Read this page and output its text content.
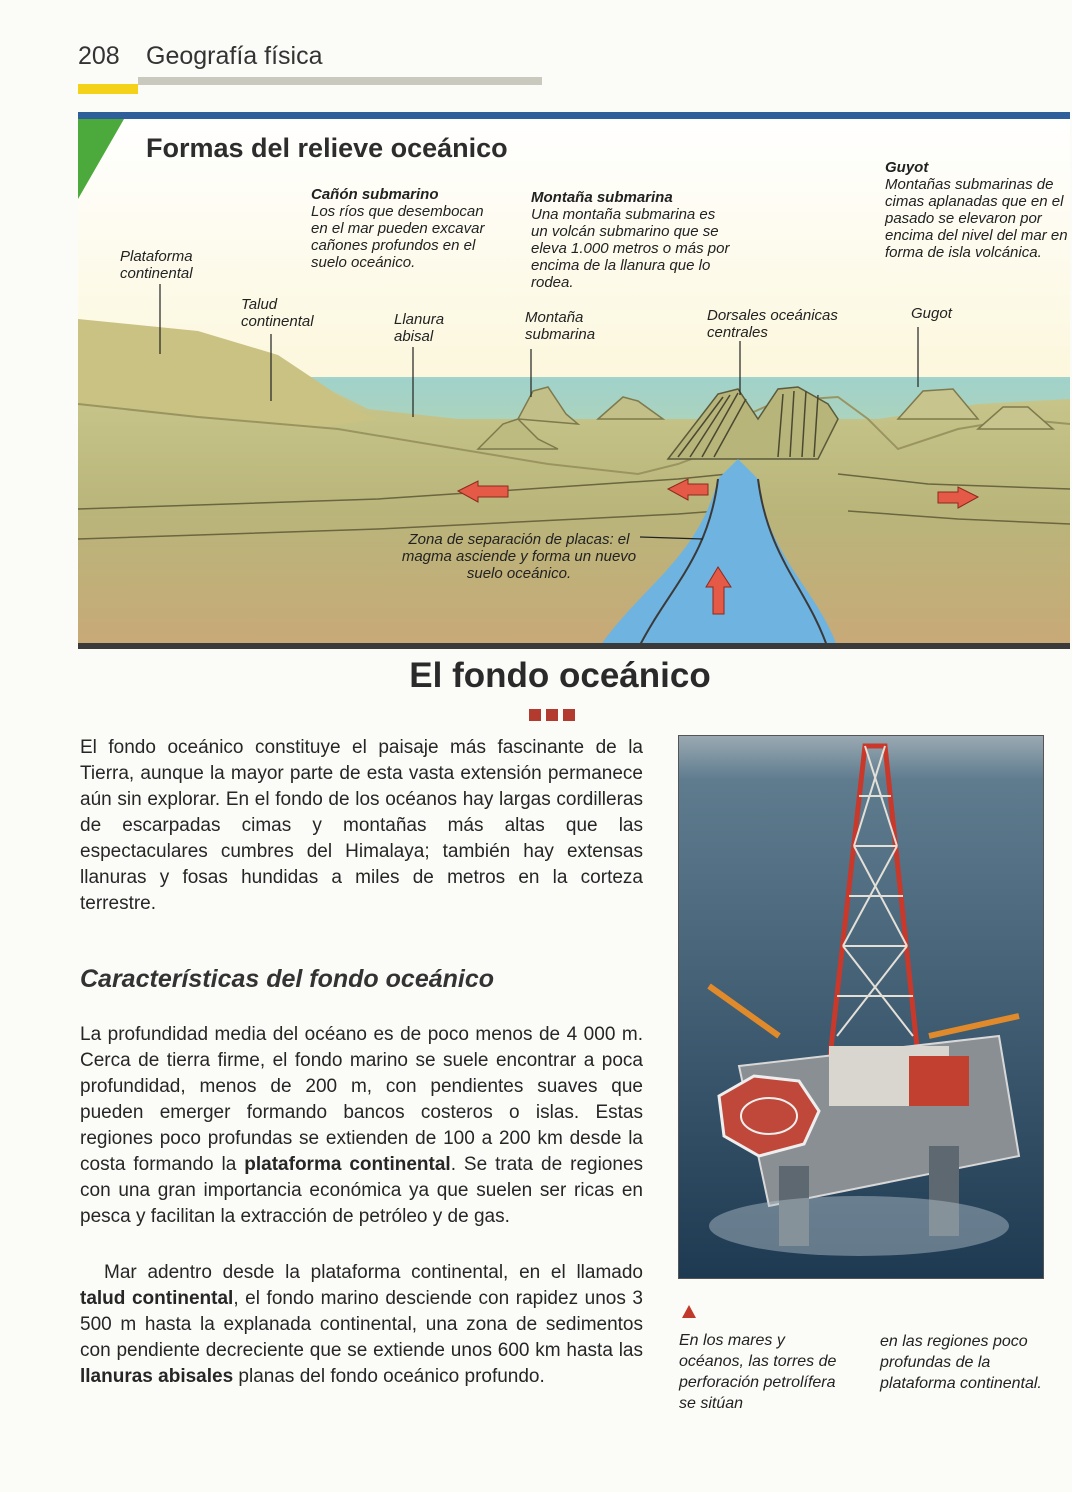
208 Geografía física
Formas del relieve oceánico
Plataforma continental
Talud continental	Llanura abisal
Montaña submarina
Dorsales oceánicas centrales
Gugot
Zona de separación de placas: el magma asciende y forma un nuevo suelo oceánico.
Cañón submarino
Los ríos que desembocan en el mar pueden excavar cañones profundos en el suelo oceánico.
Montaña submarina
Una montaña submarina es un volcán submarino que se eleva 1.000 metros o más por encima de la llanura que lo rodea.
Guyot
Montañas submarinas de cimas aplanadas que en el pasado se elevaron por encima del nivel del mar en forma de isla volcánica.
El fondo oceánico
El fondo oceánico constituye el paisaje más fascinante de la Tierra, aunque la mayor parte de esta vasta extensión permanece aún sin explorar. En el fondo de los océanos hay largas cordilleras de escarpadas cimas y montañas más altas que las espectaculares cumbres del Himalaya; también hay extensas llanuras y fosas hundidas a miles de metros en la corteza terrestre.
Características del fondo oceánico
La profundidad media del océano es de poco menos de 4 000 m. Cerca de tierra firme, el fondo marino se suele encontrar a poca profundidad, menos de 200 m, con pendientes suaves que pueden emerger formando bancos costeros o islas. Estas regiones poco profundas se extienden de 100 a 200 km desde la costa formando la plataforma continental. Se trata de regiones con una gran importancia económica ya que suelen ser ricas en pesca y facilitan la extracción de petróleo y de gas.
Mar adentro desde la plataforma continental, en el llamado talud continental, el fondo marino desciende con rapidez unos 3 500 m hasta la explanada continental, una zona de sedimentos con pendiente decreciente que se extiende unos 600 km hasta las llanuras abisales planas del fondo oceánico profundo.
En los mares y océanos, las torres de perforación petrolífera se sitúan
en las regiones poco profundas de la plataforma continental.
